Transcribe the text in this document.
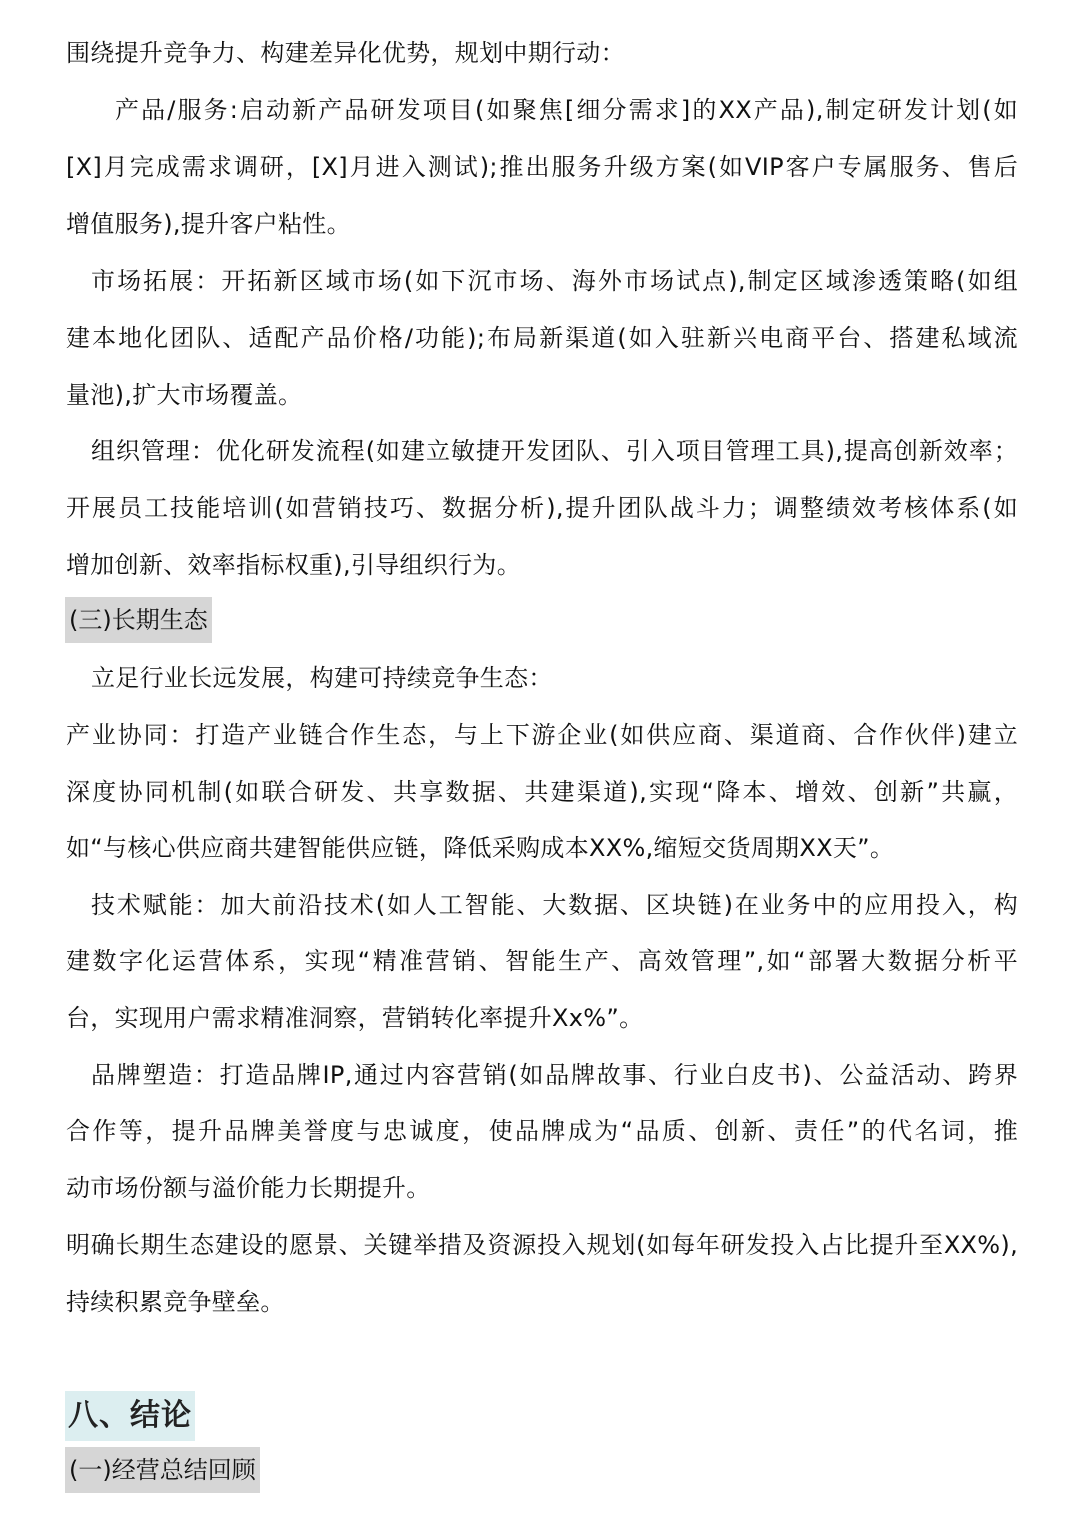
围绕提升竞争力、构建差异化优势，规划中期行动：
产品/服务:启动新产品研发项目(如聚焦[细分需求]的XX产品),制定研发计划(如
[X]月完成需求调研，[X]月进入测试);推出服务升级方案(如VIP客户专属服务、售后
增值服务),提升客户粘性。
市场拓展：开拓新区域市场(如下沉市场、海外市场试点),制定区域渗透策略(如组
建本地化团队、适配产品价格/功能);布局新渠道(如入驻新兴电商平台、搭建私域流
量池),扩大市场覆盖。
组织管理：优化研发流程(如建立敏捷开发团队、引入项目管理工具),提高创新效率；
开展员工技能培训(如营销技巧、数据分析),提升团队战斗力；调整绩效考核体系(如
增加创新、效率指标权重),引导组织行为。
(三)长期生态
立足行业长远发展，构建可持续竞争生态：
产业协同：打造产业链合作生态，与上下游企业(如供应商、渠道商、合作伙伴)建立
深度协同机制(如联合研发、共享数据、共建渠道),实现“降本、增效、创新”共赢，
如“与核心供应商共建智能供应链，降低采购成本XX%,缩短交货周期XX天”。
技术赋能：加大前沿技术(如人工智能、大数据、区块链)在业务中的应用投入，构
建数字化运营体系，实现“精准营销、智能生产、高效管理”,如“部署大数据分析平
台，实现用户需求精准洞察，营销转化率提升Xx%”。
品牌塑造：打造品牌IP,通过内容营销(如品牌故事、行业白皮书)、公益活动、跨界
合作等，提升品牌美誉度与忠诚度，使品牌成为“品质、创新、责任”的代名词，推
动市场份额与溢价能力长期提升。
明确长期生态建设的愿景、关键举措及资源投入规划(如每年研发投入占比提升至XX%),
持续积累竞争壁垒。
八、结论
(一)经营总结回顾
